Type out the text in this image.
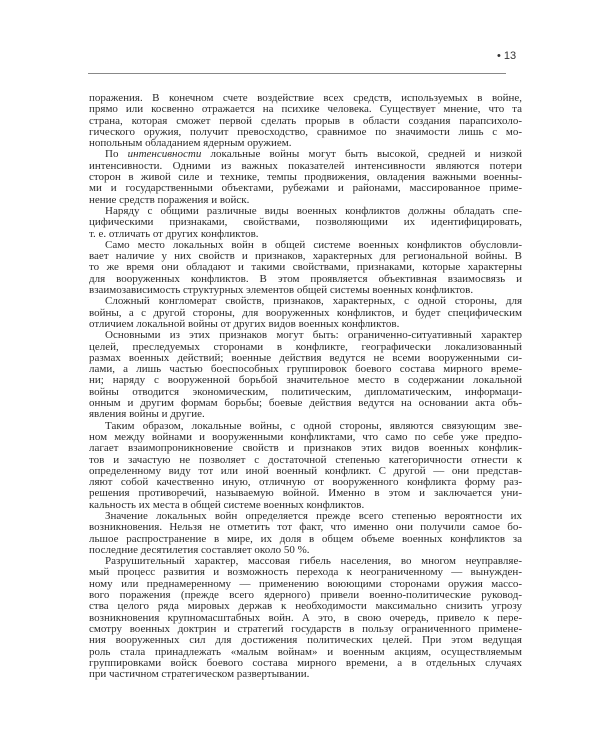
• 13
поражения. В конечном счете воздействие всех средств, используемых в войне,
прямо или косвенно отражается на психике человека. Существует мнение, что та
страна, которая сможет первой сделать прорыв в области создания парапсихоло-
гического оружия, получит превосходство, сравнимое по значимости лишь с мо-
нопольным обладанием ядерным оружием.
По интенсивности локальные войны могут быть высокой, средней и низкой
интенсивности. Одними из важных показателей интенсивности являются потери
сторон в живой силе и технике, темпы продвижения, овладения важными военны-
ми и государственными объектами, рубежами и районами, массированное приме-
нение средств поражения и войск.
Наряду с общими различные виды военных конфликтов должны обладать спе-
цифическими признаками, свойствами, позволяющими их идентифицировать,
т. е. отличать от других конфликтов.
Само место локальных войн в общей системе военных конфликтов обусловли-
вает наличие у них свойств и признаков, характерных для региональной войны. В
то же время они обладают и такими свойствами, признаками, которые характерны
для вооруженных конфликтов. В этом проявляется объективная взаимосвязь и
взаимозависимость структурных элементов общей системы военных конфликтов.
Сложный конгломерат свойств, признаков, характерных, с одной стороны, для
войны, а с другой стороны, для вооруженных конфликтов, и будет специфическим
отличием локальной войны от других видов военных конфликтов.
Основными из этих признаков могут быть: ограниченно-ситуативный характер
целей, преследуемых сторонами в конфликте, географически локализованный
размах военных действий; военные действия ведутся не всеми вооруженными си-
лами, а лишь частью боеспособных группировок боевого состава мирного време-
ни; наряду с вооруженной борьбой значительное место в содержании локальной
войны отводится экономическим, политическим, дипломатическим, информаци-
онным и другим формам борьбы; боевые действия ведутся на основании акта объ-
явления войны и другие.
Таким образом, локальные войны, с одной стороны, являются связующим зве-
ном между войнами и вооруженными конфликтами, что само по себе уже предпо-
лагает взаимопроникновение свойств и признаков этих видов военных конфлик-
тов и зачастую не позволяет с достаточной степенью категоричности отнести к
определенному виду тот или иной военный конфликт. С другой — они представ-
ляют собой качественно иную, отличную от вооруженного конфликта форму раз-
решения противоречий, называемую войной. Именно в этом и заключается уни-
кальность их места в общей системе военных конфликтов.
Значение локальных войн определяется прежде всего степенью вероятности их
возникновения. Нельзя не отметить тот факт, что именно они получили самое бо-
льшое распространение в мире, их доля в общем объеме военных конфликтов за
последние десятилетия составляет около 50 %.
Разрушительный характер, массовая гибель населения, во многом неуправляе-
мый процесс развития и возможность перехода к неограниченному — вынужден-
ному или преднамеренному — применению воюющими сторонами оружия массо-
вого поражения (прежде всего ядерного) привели военно-политические руковод-
ства целого ряда мировых держав к необходимости максимально снизить угрозу
возникновения крупномасштабных войн. А это, в свою очередь, привело к пере-
смотру военных доктрин и стратегий государств в пользу ограниченного примене-
ния вооруженных сил для достижения политических целей. При этом ведущая
роль стала принадлежать «малым войнам» и военным акциям, осуществляемым
группировками войск боевого состава мирного времени, а в отдельных случаях
при частичном стратегическом развертывании.
